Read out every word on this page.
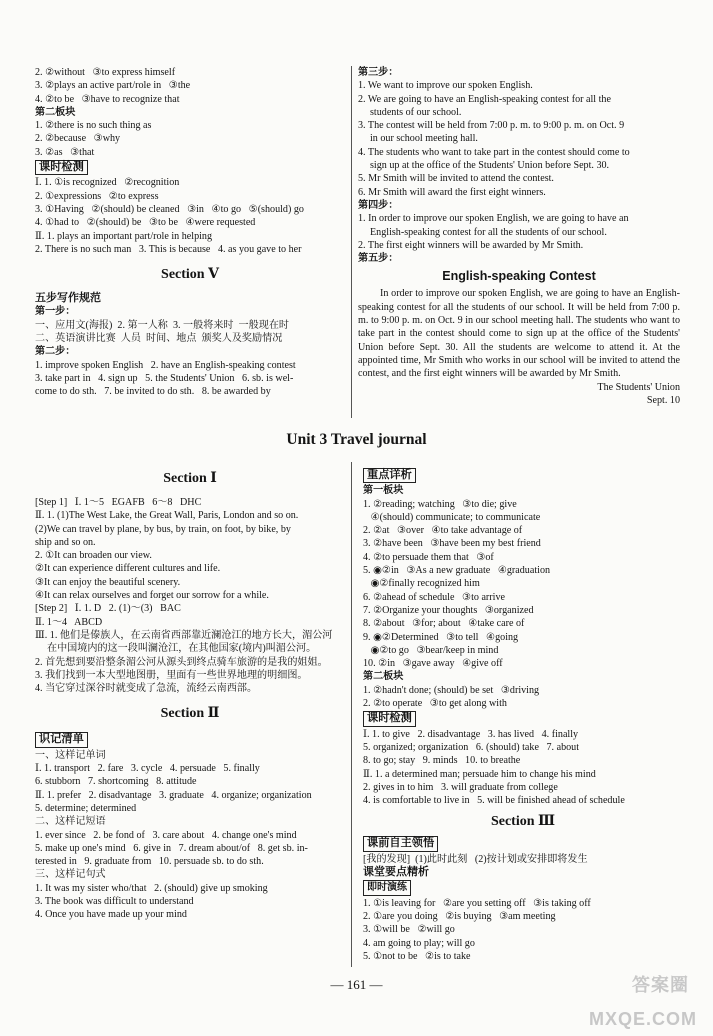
2. ②without   ③to express himself
3. ②plays an active part/role in   ③the
4. ②to be   ③have to recognize that
第二板块
1. ②there is no such thing as
2. ②because   ③why
3. ②as   ③that
课时检测
Ⅰ. 1. ①is recognized   ②recognition
2. ①expressions   ②to express
3. ①Having   ②(should) be cleaned   ③in   ④to go   ⑤(should) go
4. ①had to   ②(should) be   ③to be   ④were requested
Ⅱ. 1. plays an important part/role in helping
2. There is no such man   3. This is because   4. as you gave to her
Section Ⅴ
五步写作规范
第一步：
一、应用文(海报)  2. 第一人称  3. 一般将来时  一般现在时
二、英语演讲比赛  人员  时间、地点  颁奖人及奖励情况
第二步：
1. improve spoken English   2. have an English-speaking contest
3. take part in   4. sign up   5. the Students' Union   6. sb. is wel-
come to do sth.   7. be invited to do sth.   8. be awarded by
第三步：
1. We want to improve our spoken English.
2. We are going to have an English-speaking contest for all the
students of our school.
3. The contest will be held from 7:00 p. m. to 9:00 p. m. on Oct. 9
in our school meeting hall.
4. The students who want to take part in the contest should come to
sign up at the office of the Students' Union before Sept. 30.
5. Mr Smith will be invited to attend the contest.
6. Mr Smith will award the first eight winners.
第四步：
1. In order to improve our spoken English, we are going to have an
English-speaking contest for all the students of our school.
2. The first eight winners will be awarded by Mr Smith.
第五步：
English-speaking Contest

In order to improve our spoken English, we are going to have an English-speaking contest for all the students of our school. It will be held from 7:00 p. m. to 9:00 p. m. on Oct. 9 in our school meeting hall. The students who want to take part in the contest should come to sign up at the office of the Students' Union before Sept. 30. All the students are welcome to attend it. At the appointed time, Mr Smith who works in our school will be invited to attend the contest, and the first eight winners will be awarded by Mr Smith.

The Students' Union
Sept. 10
Unit 3 Travel journal
Section Ⅰ
[Step 1]   Ⅰ. 1～5   EGAFB   6～8   DHC
Ⅱ. 1. (1)The West Lake, the Great Wall, Paris, London and so on.
(2)We can travel by plane, by bus, by train, on foot, by bike, by
ship and so on.
2. ①It can broaden our view.
②It can experience different cultures and life.
③It can enjoy the beautiful scenery.
④It can relax ourselves and forget our sorrow for a while.
[Step 2]   Ⅰ. 1. D   2. (1)～(3)   BAC
Ⅱ. 1～4   ABCD
Ⅲ. 1. 他们是傣族人，在云南省西部靠近澜沧江的地方长大，湄公河
在中国境内的这一段叫澜沧江，在其他国家(境内)叫湄公河。
2. 首先想到要沿整条湄公河从源头到终点骑车旅游的是我的姐姐。
3. 我们找到一本大型地图册，里面有一些世界地理的明细图。
4. 当它穿过深谷时就变成了急流，流经云南西部。
Section Ⅱ
识记清单
一、这样记单词
Ⅰ. 1. transport   2. fare   3. cycle   4. persuade   5. finally
6. stubborn   7. shortcoming   8. attitude
Ⅱ. 1. prefer   2. disadvantage   3. graduate   4. organize; organization
5. determine; determined
二、这样记短语
1. ever since   2. be fond of   3. care about   4. change one's mind
5. make up one's mind   6. give in   7. dream about/of   8. get sb. in-
terested in   9. graduate from   10. persuade sb. to do sth.
三、这样记句式
1. It was my sister who/that   2. (should) give up smoking
3. The book was difficult to understand
4. Once you have made up your mind
重点详析
第一板块
1. ②reading; watching   ③to die; give
④(should) communicate; to communicate
2. ②at   ③over   ④to take advantage of
3. ②have been   ③have been my best friend
4. ②to persuade them that   ③of
5. ◉②in   ③As a new graduate   ④graduation
◉②finally recognized him
6. ②ahead of schedule   ③to arrive
7. ②Organize your thoughts   ③organized
8. ②about   ③for; about   ④take care of
9. ◉②Determined   ③to tell   ④going
◉②to go   ③bear/keep in mind
10. ②in   ③gave away   ④give off
第二板块
1. ②hadn't done; (should) be set   ③driving
2. ②to operate   ③to get along with
课时检测
Ⅰ. 1. to give   2. disadvantage   3. has lived   4. finally
5. organized; organization   6. (should) take   7. about
8. to go; stay   9. minds   10. to breathe
Ⅱ. 1. a determined man; persuade him to change his mind
2. gives in to him   3. will graduate from college
4. is comfortable to live in   5. will be finished ahead of schedule
Section Ⅲ
课前自主领悟
[我的发现]  (1)此时此刻   (2)按计划或安排即将发生
课堂要点精析
即时演练
1. ①is leaving for   ②are you setting off   ③is taking off
2. ①are you doing   ②is buying   ③am meeting
3. ①will be   ②will go
4. am going to play; will go
5. ①not to be   ②is to take
— 161 —	答案圈 MXQE.COM
